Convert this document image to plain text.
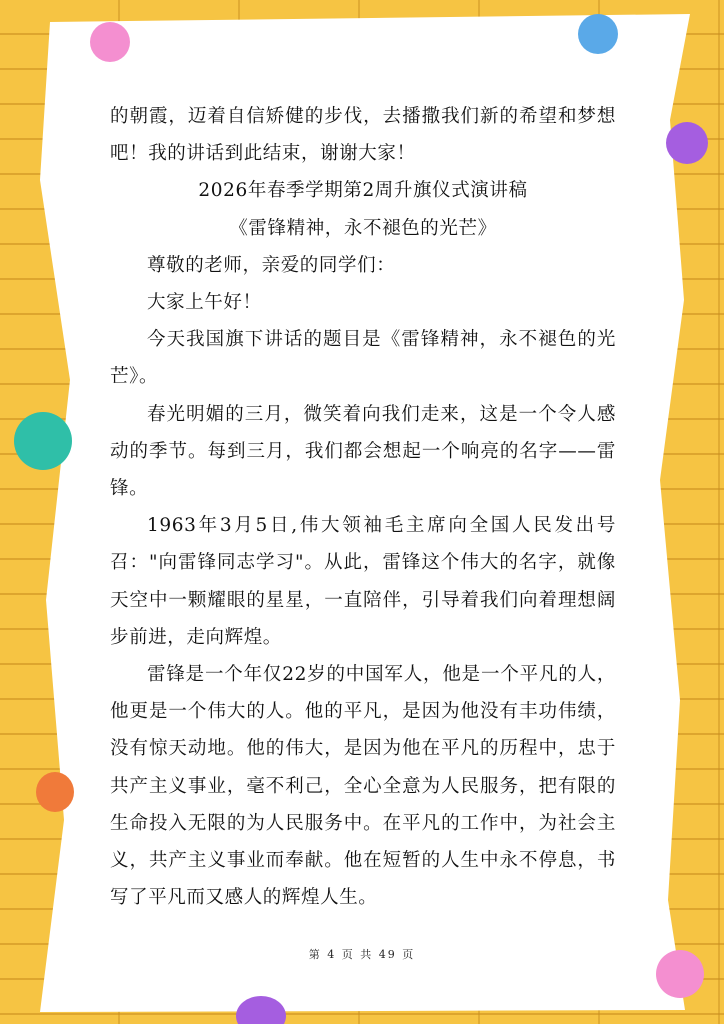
的朝霞，迈着自信矫健的步伐，去播撒我们新的希望和梦想吧！我的讲话到此结束，谢谢大家！

2026年春季学期第2周升旗仪式演讲稿

《雷锋精神，永不褪色的光芒》

尊敬的老师，亲爱的同学们：

大家上午好！

今天我国旗下讲话的题目是《雷锋精神，永不褪色的光芒》。

春光明媚的三月，微笑着向我们走来，这是一个令人感动的季节。每到三月，我们都会想起一个响亮的名字——雷锋。

1963年3月5日,伟大领袖毛主席向全国人民发出号召："向雷锋同志学习"。从此，雷锋这个伟大的名字，就像天空中一颗耀眼的星星，一直陪伴，引导着我们向着理想阔步前进，走向辉煌。

雷锋是一个年仅22岁的中国军人，他是一个平凡的人，他更是一个伟大的人。他的平凡，是因为他没有丰功伟绩，没有惊天动地。他的伟大，是因为他在平凡的历程中，忠于共产主义事业，毫不利己，全心全意为人民服务，把有限的生命投入无限的为人民服务中。在平凡的工作中，为社会主义，共产主义事业而奉献。他在短暂的人生中永不停息，书写了平凡而又感人的辉煌人生。

第 4 页 共 49 页
